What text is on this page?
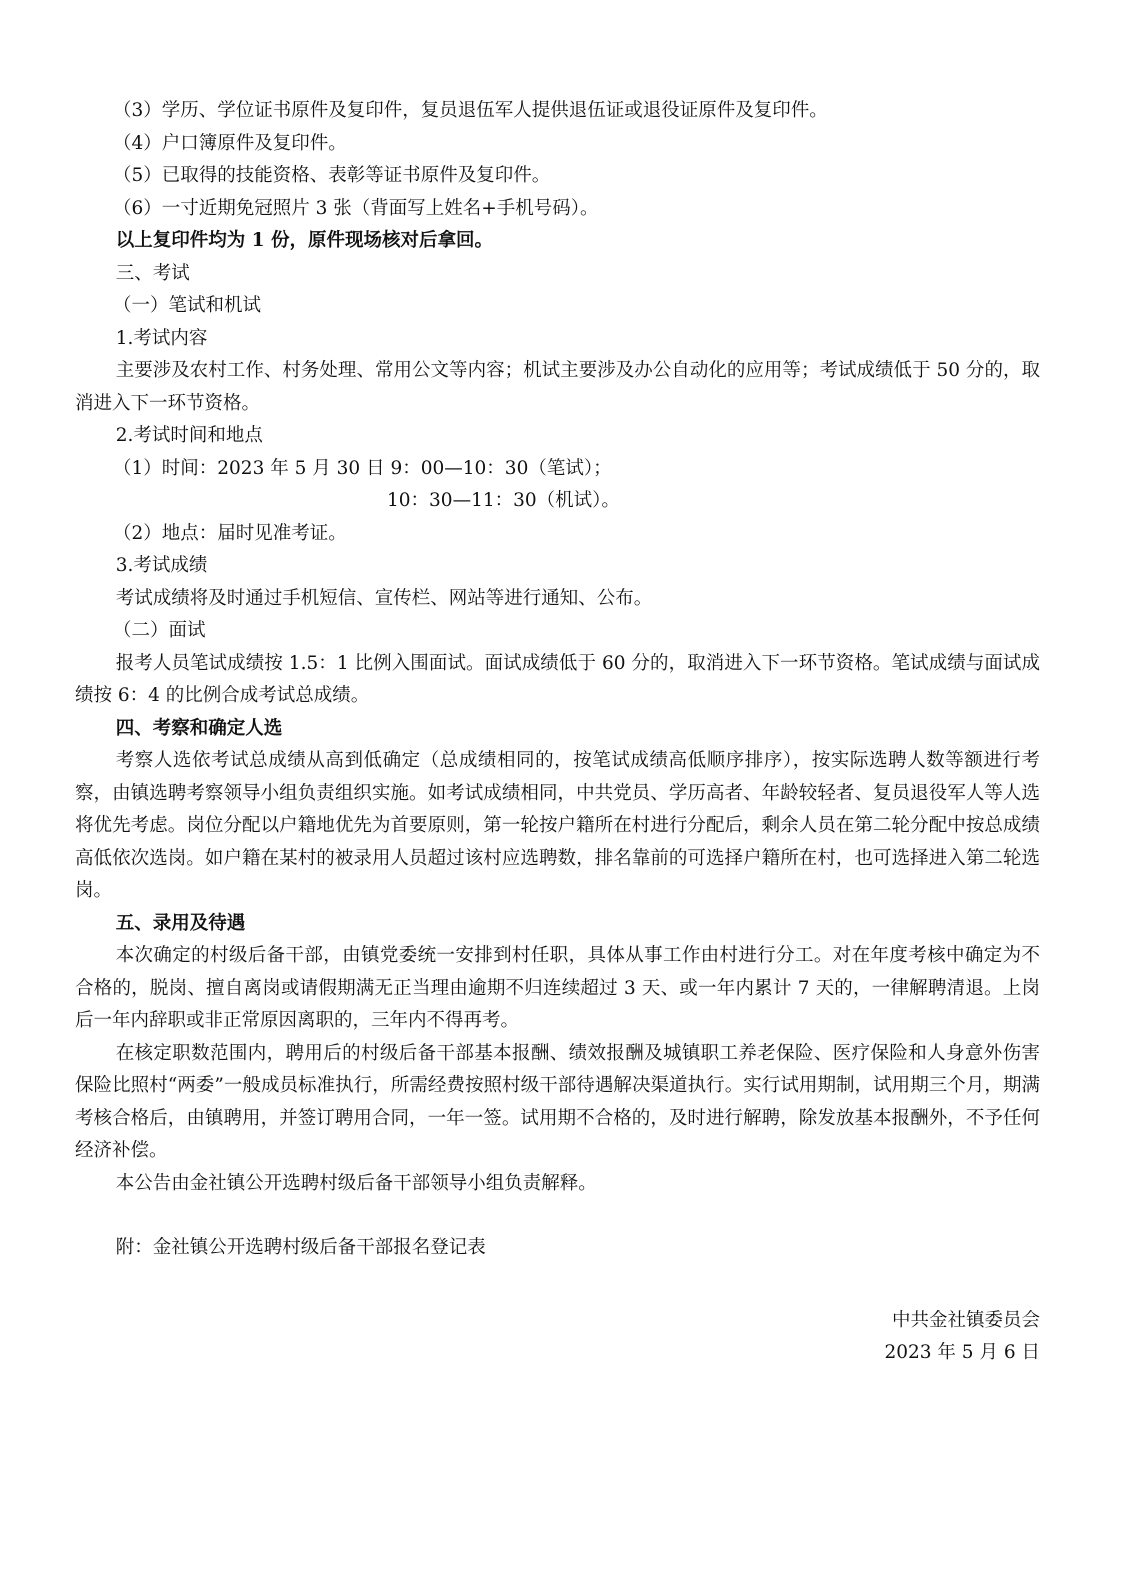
（3）学历、学位证书原件及复印件，复员退伍军人提供退伍证或退役证原件及复印件。

（4）户口簿原件及复印件。

（5）已取得的技能资格、表彰等证书原件及复印件。

（6）一寸近期免冠照片 3 张（背面写上姓名+手机号码）。

以上复印件均为 1 份，原件现场核对后拿回。

三、考试

（一）笔试和机试

1.考试内容

主要涉及农村工作、村务处理、常用公文等内容；机试主要涉及办公自动化的应用等；考试成绩低于 50 分的，取消进入下一环节资格。

2.考试时间和地点

（1）时间：2023 年 5 月 30 日 9：00—10：30（笔试）；

10：30—11：30（机试）。

（2）地点：届时见准考证。

3.考试成绩

考试成绩将及时通过手机短信、宣传栏、网站等进行通知、公布。

（二）面试

报考人员笔试成绩按 1.5：1 比例入围面试。面试成绩低于 60 分的，取消进入下一环节资格。笔试成绩与面试成绩按 6：4 的比例合成考试总成绩。

四、考察和确定人选

考察人选依考试总成绩从高到低确定（总成绩相同的，按笔试成绩高低顺序排序），按实际选聘人数等额进行考察，由镇选聘考察领导小组负责组织实施。如考试成绩相同，中共党员、学历高者、年龄较轻者、复员退役军人等人选将优先考虑。岗位分配以户籍地优先为首要原则，第一轮按户籍所在村进行分配后，剩余人员在第二轮分配中按总成绩高低依次选岗。如户籍在某村的被录用人员超过该村应选聘数，排名靠前的可选择户籍所在村，也可选择进入第二轮选岗。

五、录用及待遇

本次确定的村级后备干部，由镇党委统一安排到村任职，具体从事工作由村进行分工。对在年度考核中确定为不合格的，脱岗、擅自离岗或请假期满无正当理由逾期不归连续超过 3 天、或一年内累计 7 天的，一律解聘清退。上岗后一年内辞职或非正常原因离职的，三年内不得再考。

在核定职数范围内，聘用后的村级后备干部基本报酬、绩效报酬及城镇职工养老保险、医疗保险和人身意外伤害保险比照村“两委”一般成员标准执行，所需经费按照村级干部待遇解决渠道执行。实行试用期制，试用期三个月，期满考核合格后，由镇聘用，并签订聘用合同，一年一签。试用期不合格的，及时进行解聘，除发放基本报酬外，不予任何经济补偿。

本公告由金社镇公开选聘村级后备干部领导小组负责解释。

附：金社镇公开选聘村级后备干部报名登记表

中共金社镇委员会

2023 年 5 月 6 日
